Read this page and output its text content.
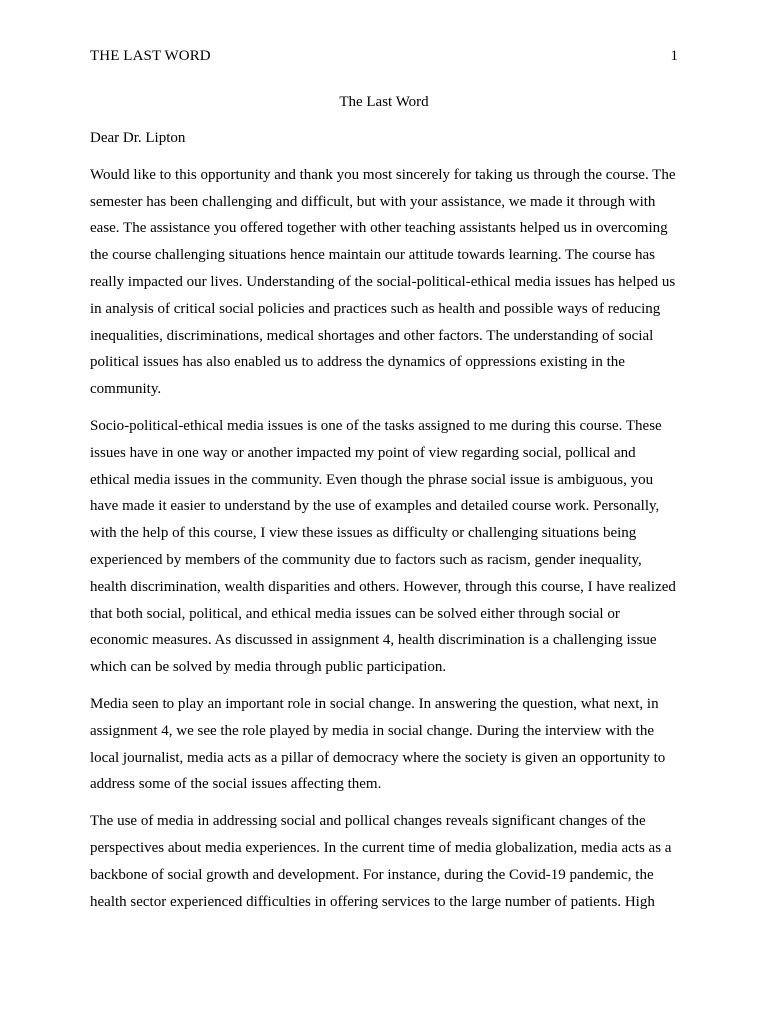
THE LAST WORD	1
The Last Word

Dear Dr. Lipton

Would like to this opportunity and thank you most sincerely for taking us through the course. The semester has been challenging and difficult, but with your assistance, we made it through with ease. The assistance you offered together with other teaching assistants helped us in overcoming the course challenging situations hence maintain our attitude towards learning. The course has really impacted our lives. Understanding of the social-political-ethical media issues has helped us in analysis of critical social policies and practices such as health and possible ways of reducing inequalities, discriminations, medical shortages and other factors. The understanding of social political issues has also enabled us to address the dynamics of oppressions existing in the community.

Socio-political-ethical media issues is one of the tasks assigned to me during this course. These issues have in one way or another impacted my point of view regarding social, pollical and ethical media issues in the community. Even though the phrase social issue is ambiguous, you have made it easier to understand by the use of examples and detailed course work. Personally, with the help of this course, I view these issues as difficulty or challenging situations being experienced by members of the community due to factors such as racism, gender inequality, health discrimination, wealth disparities and others. However, through this course, I have realized that both social, political, and ethical media issues can be solved either through social or economic measures. As discussed in assignment 4, health discrimination is a challenging issue which can be solved by media through public participation.

Media seen to play an important role in social change. In answering the question, what next, in assignment 4, we see the role played by media in social change. During the interview with the local journalist, media acts as a pillar of democracy where the society is given an opportunity to address some of the social issues affecting them.

The use of media in addressing social and pollical changes reveals significant changes of the perspectives about media experiences. In the current time of media globalization, media acts as a backbone of social growth and development. For instance, during the Covid-19 pandemic, the health sector experienced difficulties in offering services to the large number of patients. High
